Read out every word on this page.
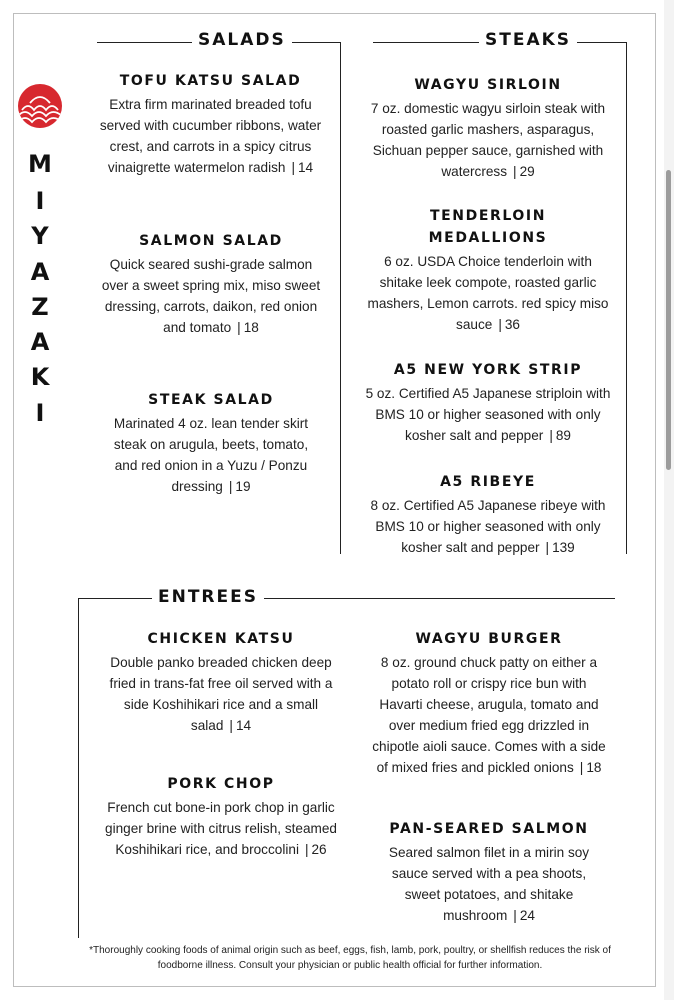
M
I
Y
A
Z
A
K
I
SALADS	STEAKS
ENTREES
TOFU KATSU SALAD
Extra firm marinated breaded tofu served with cucumber ribbons, water crest, and carrots in a spicy citrus vinaigrette watermelon radish | 14
SALMON SALAD
Quick seared sushi-grade salmon over a sweet spring mix, miso sweet dressing, carrots, daikon, red onion and tomato | 18
STEAK SALAD
Marinated 4 oz. lean tender skirt steak on arugula, beets, tomato, and red onion in a Yuzu / Ponzu dressing | 19
WAGYU SIRLOIN
7 oz. domestic wagyu sirloin steak with roasted garlic mashers, asparagus, Sichuan pepper sauce, garnished with watercress | 29
TENDERLOIN MEDALLIONS
6 oz. USDA Choice tenderloin with shitake leek compote, roasted garlic mashers, Lemon carrots. red spicy miso sauce | 36
A5 NEW YORK STRIP
5 oz. Certified A5 Japanese striploin with BMS 10 or higher seasoned with only kosher salt and pepper | 89
A5 RIBEYE
8 oz. Certified A5 Japanese ribeye with BMS 10 or higher seasoned with only kosher salt and pepper | 139
CHICKEN KATSU
Double panko breaded chicken deep fried in trans-fat free oil served with a side Koshihikari rice and a small salad | 14
PORK CHOP
French cut bone-in pork chop in garlic ginger brine with citrus relish, steamed Koshihikari rice, and broccolini | 26
WAGYU BURGER
8 oz. ground chuck patty on either a potato roll or crispy rice bun with Havarti cheese, arugula, tomato and over medium fried egg drizzled in chipotle aioli sauce. Comes with a side of mixed fries and pickled onions | 18
PAN-SEARED SALMON
Seared salmon filet in a mirin soy sauce served with a pea shoots, sweet potatoes, and shitake mushroom | 24
*Thoroughly cooking foods of animal origin such as beef, eggs, fish, lamb, pork, poultry, or shellfish reduces the risk of foodborne illness. Consult your physician or public health official for further information.
